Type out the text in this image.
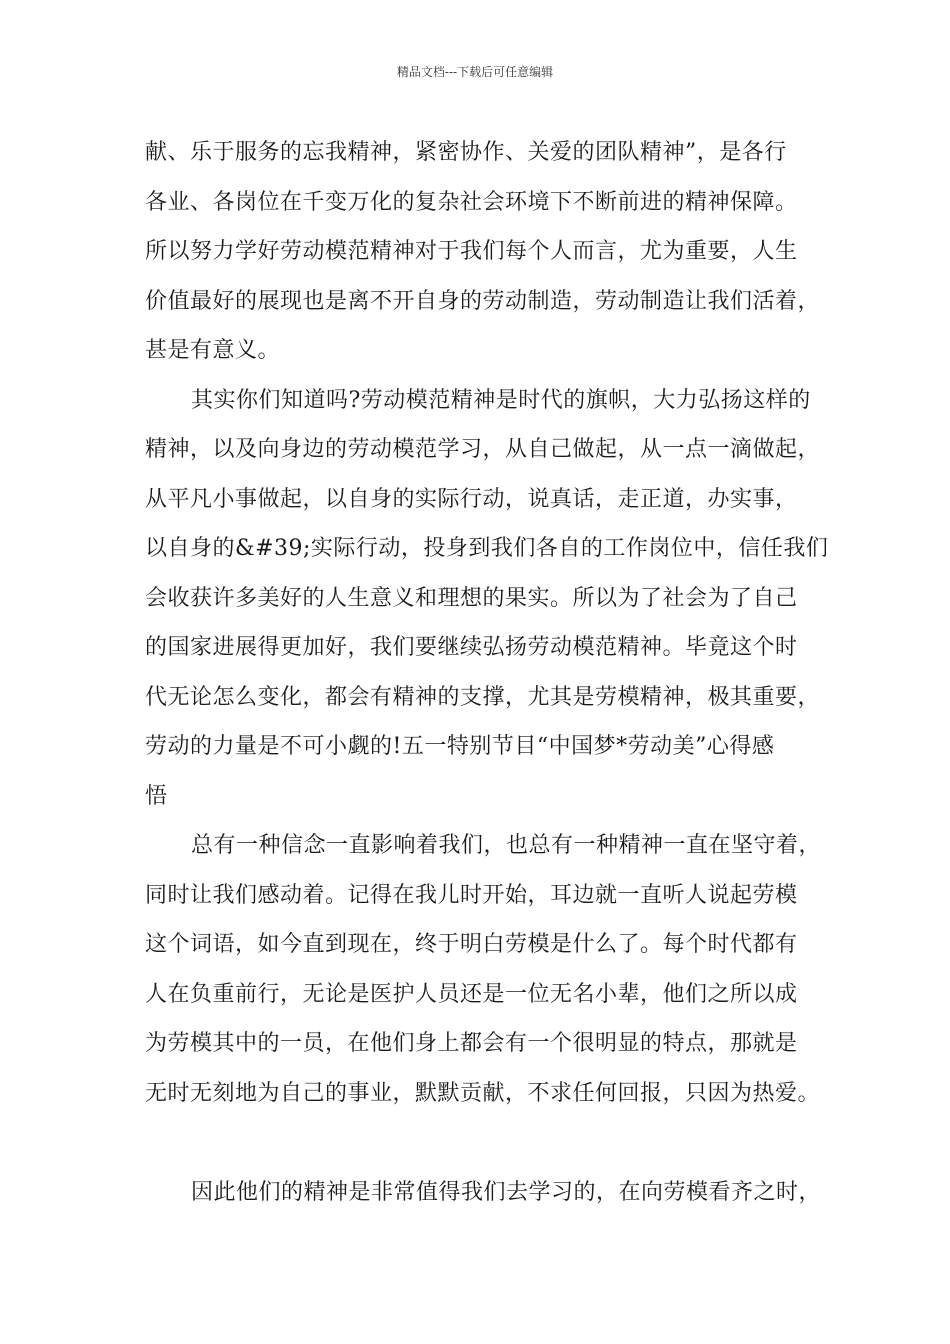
精品文档---下载后可任意编辑
献、乐于服务的忘我精神，紧密协作、关爱的团队精神”，是各行
各业、各岗位在千变万化的复杂社会环境下不断前进的精神保障。
所以努力学好劳动模范精神对于我们每个人而言，尤为重要，人生
价值最好的展现也是离不开自身的劳动制造，劳动制造让我们活着，
甚是有意义。
其实你们知道吗?劳动模范精神是时代的旗帜，大力弘扬这样的
精神，以及向身边的劳动模范学习，从自己做起，从一点一滴做起，
从平凡小事做起，以自身的实际行动，说真话，走正道，办实事，
以自身的&#39;实际行动，投身到我们各自的工作岗位中，信任我们
会收获许多美好的人生意义和理想的果实。所以为了社会为了自己
的国家进展得更加好，我们要继续弘扬劳动模范精神。毕竟这个时
代无论怎么变化，都会有精神的支撑，尤其是劳模精神，极其重要，
劳动的力量是不可小觑的!五一特别节目“中国梦*劳动美”心得感
悟
总有一种信念一直影响着我们，也总有一种精神一直在坚守着，
同时让我们感动着。记得在我儿时开始，耳边就一直听人说起劳模
这个词语，如今直到现在，终于明白劳模是什么了。每个时代都有
人在负重前行，无论是医护人员还是一位无名小辈，他们之所以成
为劳模其中的一员，在他们身上都会有一个很明显的特点，那就是
无时无刻地为自己的事业，默默贡献，不求任何回报，只因为热爱。
因此他们的精神是非常值得我们去学习的，在向劳模看齐之时，
